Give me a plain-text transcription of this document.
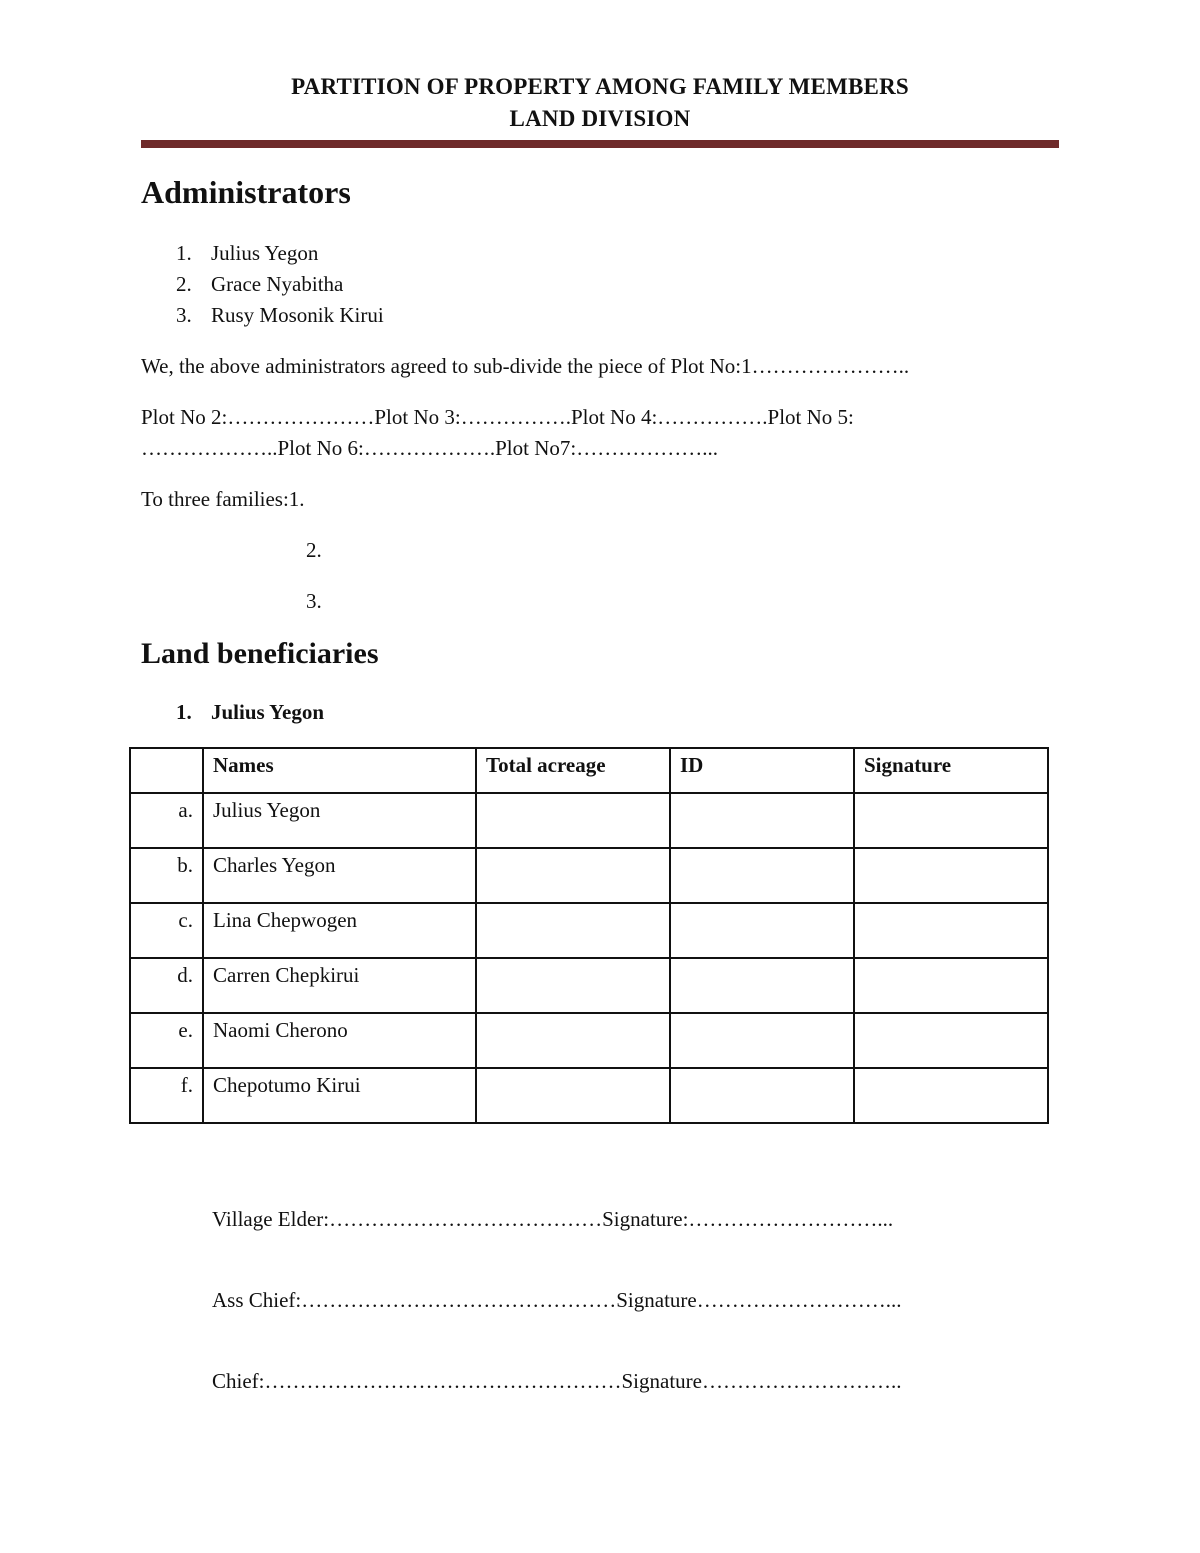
PARTITION OF PROPERTY AMONG FAMILY MEMBERS
LAND DIVISION
Administrators
1. Julius Yegon
2. Grace Nyabitha
3. Rusy Mosonik Kirui
We, the above administrators agreed to sub-divide the piece of Plot No:1…………………..
Plot No 2:…………………Plot No 3:…………….Plot No 4:…………….Plot No 5:
………………..Plot No 6:……………….Plot No7:………………...
To three families:1.
2.
3.
Land beneficiaries
1. Julius Yegon
	Names	Total acreage	ID	Signature
a.	Julius Yegon			
b.	Charles Yegon			
c.	Lina Chepwogen			
d.	Carren Chepkirui			
e.	Naomi Cherono			
f.	Chepotumo Kirui			
Village Elder:…………………………………Signature:………………………...
Ass Chief:………………………………………Signature………………………...
Chief:……………………………………………Signature………………………..
